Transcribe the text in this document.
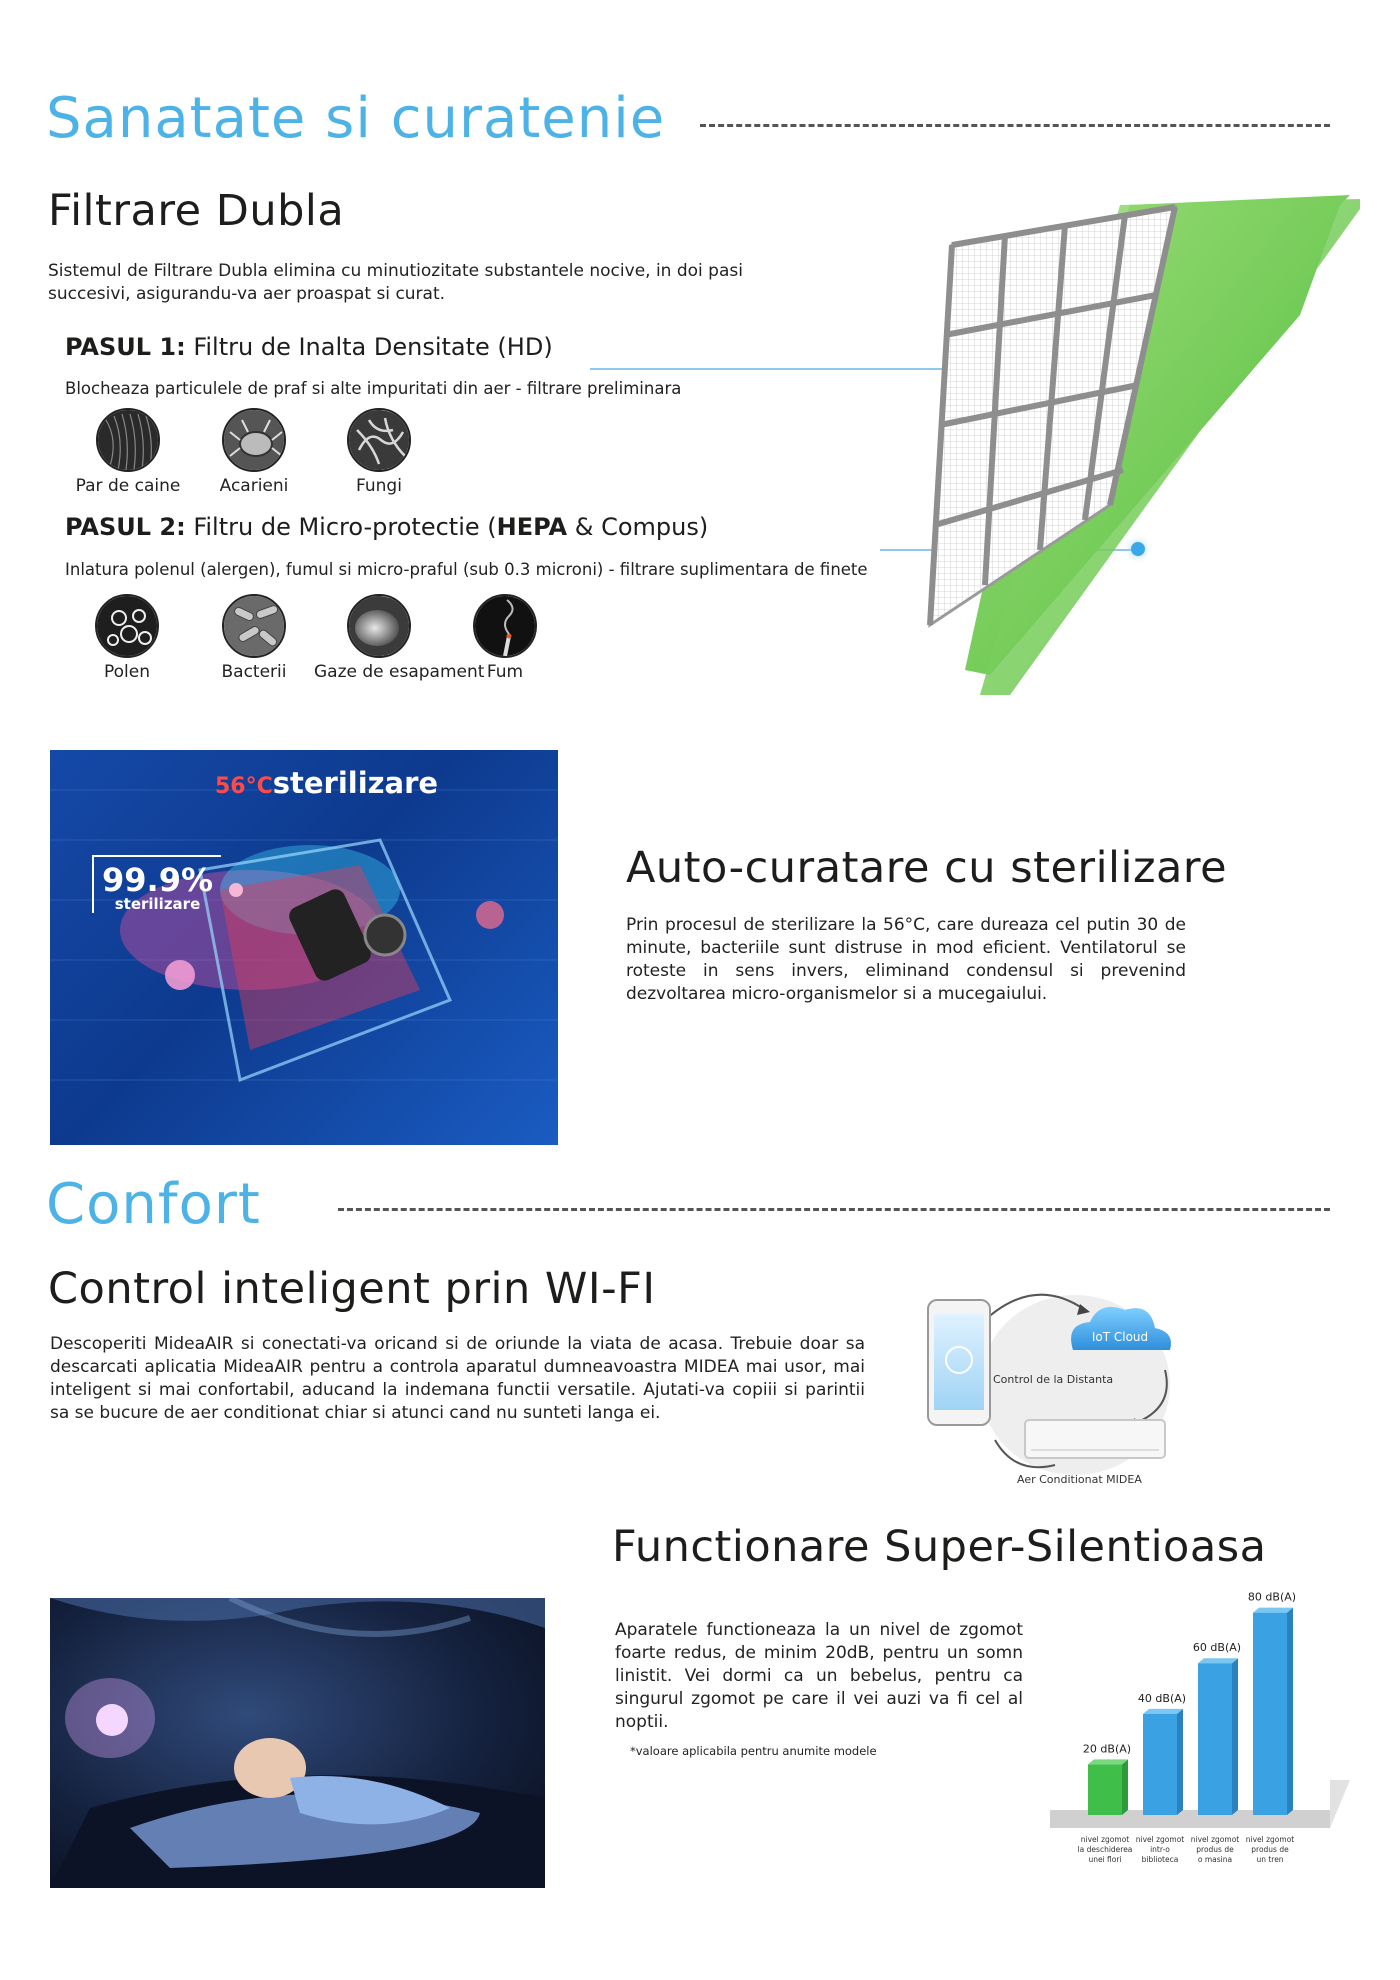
Sanatate si curatenie
Filtrare Dubla
Sistemul de Filtrare Dubla elimina cu minutiozitate substantele nocive, in doi pasi succesivi, asigurandu-va aer proaspat si curat.
PASUL 1: Filtru de Inalta Densitate (HD)
Blocheaza particulele de praf si alte impuritati din aer - filtrare preliminara
Par de caine	Acarieni	Fungi
PASUL 2: Filtru de Micro-protectie (HEPA & Compus)
Inlatura polenul (alergen), fumul si micro-praful (sub 0.3 microni) - filtrare suplimentara de finete
Polen	Bacterii	Gaze de esapament Fum
56°Csterilizare
99.9%
sterilizare
Auto-curatare cu sterilizare
Prin procesul de sterilizare la 56°C, care dureaza cel putin 30 de minute, bacteriile sunt distruse in mod eficient. Ventilatorul se roteste in sens invers, eliminand condensul si prevenind dezvoltarea micro-organismelor si a mucegaiului.
Confort
Control inteligent prin WI-FI
Descoperiti MideaAIR si conectati-va oricand si de oriunde la viata de acasa. Trebuie doar sa descarcati aplicatia MideaAIR pentru a controla aparatul dumneavoastra MIDEA mai usor, mai inteligent si mai confortabil, aducand la indemana functii versatile. Ajutati-va copiii si parintii sa se bucure de aer conditionat chiar si atunci cand nu sunteti langa ei.
IoT Cloud
Control de la Distanta
Aer Conditionat MIDEA
Functionare Super-Silentioasa
Aparatele functioneaza la un nivel de zgomot foarte redus, de minim 20dB, pentru un somn linistit. Vei dormi ca un bebelus, pentru ca singurul zgomot pe care il vei auzi va fi cel al noptii.
*valoare aplicabila pentru anumite modele	20 dB(A)
nivel zgomot
la deschiderea
unei flori
40 dB(A)
nivel zgomot
intr-o
biblioteca
60 dB(A)
nivel zgomot
produs de
o masina
80 dB(A)
nivel zgomot
produs de
un tren
